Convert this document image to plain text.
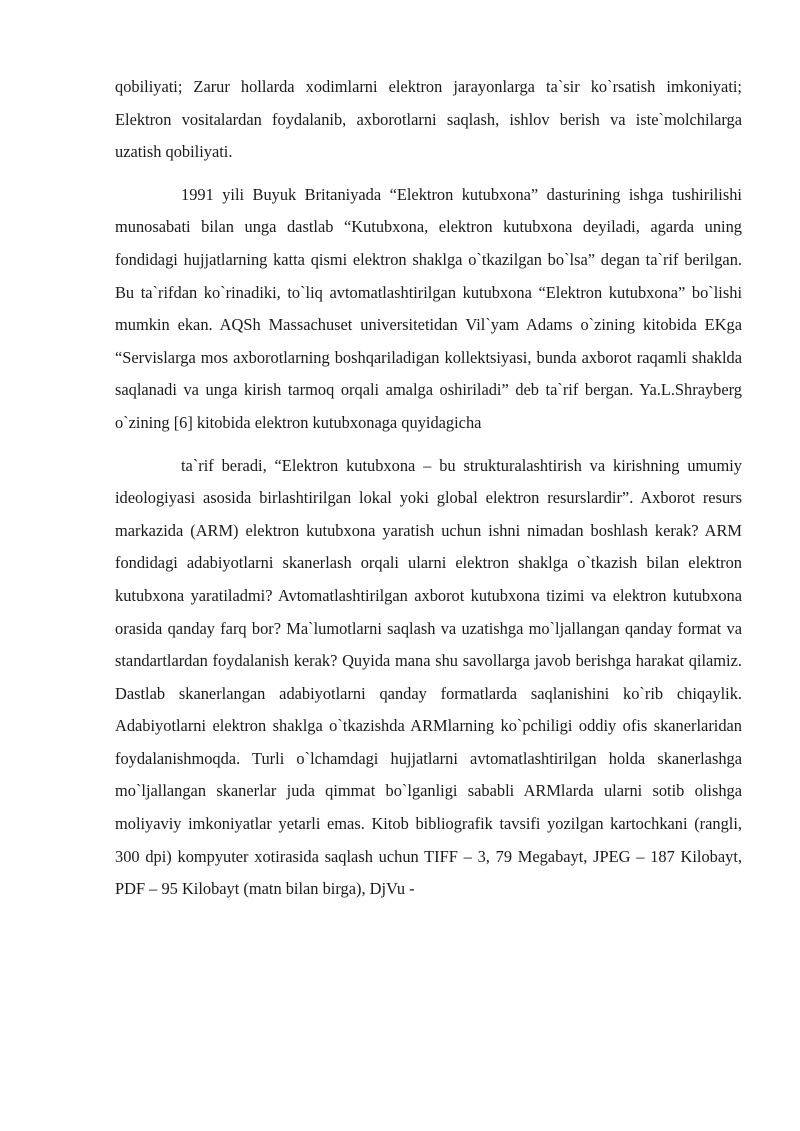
qobiliyati; Zarur hollarda xodimlarni elektron jarayonlarga ta`sir ko`rsatish imkoniyati; Elektron vositalardan foydalanib, axborotlarni saqlash, ishlov berish va iste`molchilarga uzatish qobiliyati.

1991 yili Buyuk Britaniyada “Elektron kutubxona” dasturining ishga tushirilishi munosabati bilan unga dastlab “Kutubxona, elektron kutubxona deyiladi, agarda uning fondidagi hujjatlarning katta qismi elektron shaklga o`tkazilgan bo`lsa” degan ta`rif berilgan. Bu ta`rifdan ko`rinadiki, to`liq avtomatlashtirilgan kutubxona “Elektron kutubxona” bo`lishi mumkin ekan. AQSh Massachuset universitetidan Vil`yam Adams o`zining kitobida EKga “Servislarga mos axborotlarning boshqariladigan kollektsiyasi, bunda axborot raqamli shaklda saqlanadi va unga kirish tarmoq orqali amalga oshiriladi” deb ta`rif bergan. Ya.L.Shrayberg o`zining [6] kitobida elektron kutubxonaga quyidagicha

ta`rif beradi, “Elektron kutubxona – bu strukturalashtirish va kirishning umumiy ideologiyasi asosida birlashtirilgan lokal yoki global elektron resurslardir”. Axborot resurs markazida (ARM) elektron kutubxona yaratish uchun ishni nimadan boshlash kerak? ARM fondidagi adabiyotlarni skanerlash orqali ularni elektron shaklga o`tkazish bilan elektron kutubxona yaratiladmi? Avtomatlashtirilgan axborot kutubxona tizimi va elektron kutubxona orasida qanday farq bor? Ma`lumotlarni saqlash va uzatishga mo`ljallangan qanday format va standartlardan foydalanish kerak? Quyida mana shu savollarga javob berishga harakat qilamiz. Dastlab skanerlangan adabiyotlarni qanday formatlarda saqlanishini ko`rib chiqaylik. Adabiyotlarni elektron shaklga o`tkazishda ARMlarning ko`pchiligi oddiy ofis skanerlaridan foydalanishmoqda. Turli o`lchamdagi hujjatlarni avtomatlashtirilgan holda skanerlashga mo`ljallangan skanerlar juda qimmat bo`lganligi sababli ARMlarda ularni sotib olishga moliyaviy imkoniyatlar yetarli emas. Kitob bibliografik tavsifi yozilgan kartochkani (rangli, 300 dpi) kompyuter xotirasida saqlash uchun TIFF – 3, 79 Megabayt, JPEG – 187 Kilobayt, PDF – 95 Kilobayt (matn bilan birga), DjVu -
